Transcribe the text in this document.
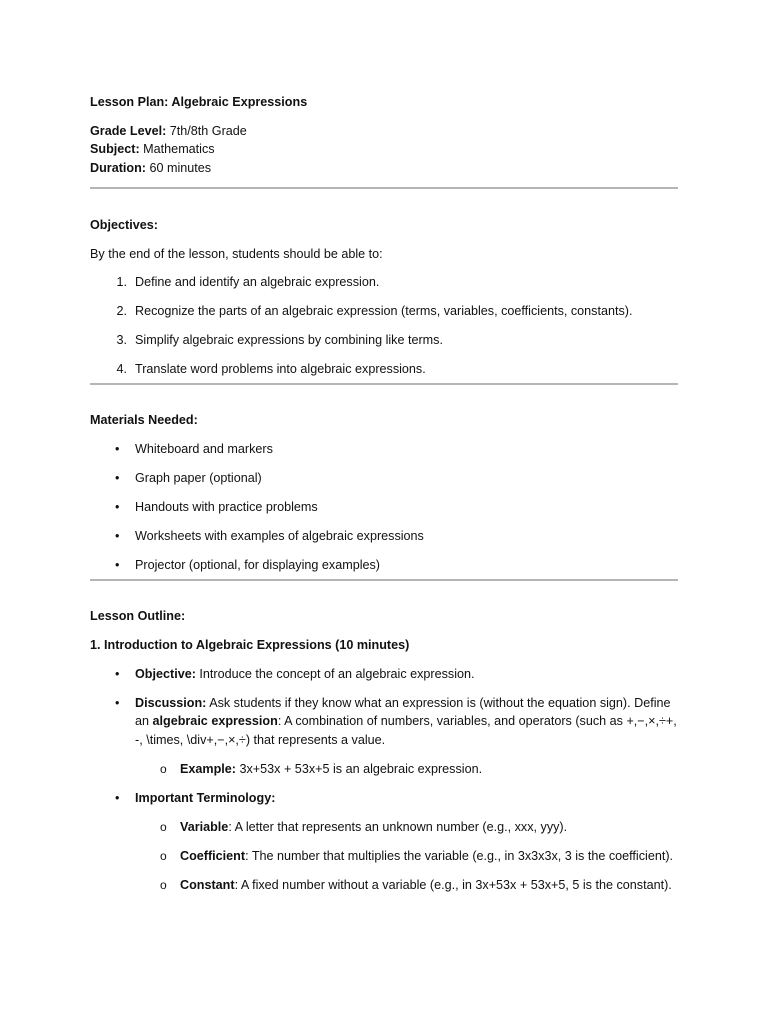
Lesson Plan: Algebraic Expressions
Grade Level: 7th/8th Grade
Subject: Mathematics
Duration: 60 minutes
Objectives:
By the end of the lesson, students should be able to:
1. Define and identify an algebraic expression.
2. Recognize the parts of an algebraic expression (terms, variables, coefficients, constants).
3. Simplify algebraic expressions by combining like terms.
4. Translate word problems into algebraic expressions.
Materials Needed:
•	Whiteboard and markers
•	Graph paper (optional)
•	Handouts with practice problems
•	Worksheets with examples of algebraic expressions
•	Projector (optional, for displaying examples)
Lesson Outline:
1. Introduction to Algebraic Expressions (10 minutes)
•	Objective: Introduce the concept of an algebraic expression.
•	Discussion: Ask students if they know what an expression is (without the equation sign). Define
an algebraic expression: A combination of numbers, variables, and operators (such as +,−,×,÷+,
-, \times, \div+,−,×,÷) that represents a value.
o	Example: 3x+53x + 53x+5 is an algebraic expression.
•	Important Terminology:
o	Variable: A letter that represents an unknown number (e.g., xxx, yyy).
o	Coefficient: The number that multiplies the variable (e.g., in 3x3x3x, 3 is the coefficient).
o	Constant: A fixed number without a variable (e.g., in 3x+53x + 53x+5, 5 is the constant).
